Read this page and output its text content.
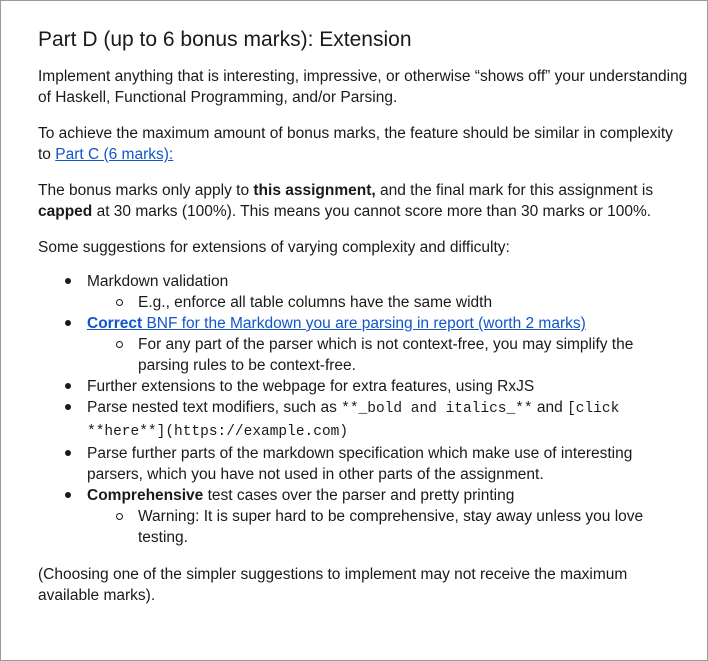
Part D (up to 6 bonus marks): Extension

Implement anything that is interesting, impressive, or otherwise “shows off” your understanding of Haskell, Functional Programming, and/or Parsing.

To achieve the maximum amount of bonus marks, the feature should be similar in complexity to Part C (6 marks):

The bonus marks only apply to this assignment, and the final mark for this assignment is capped at 30 marks (100%). This means you cannot score more than 30 marks or 100%.

Some suggestions for extensions of varying complexity and difficulty:

Markdown validation
E.g., enforce all table columns have the same width
Correct BNF for the Markdown you are parsing in report (worth 2 marks)
For any part of the parser which is not context-free, you may simplify the parsing rules to be context-free.
Further extensions to the webpage for extra features, using RxJS
Parse nested text modifiers, such as **_bold and italics_** and [click **here**](https://example.com)
Parse further parts of the markdown specification which make use of interesting parsers, which you have not used in other parts of the assignment.
Comprehensive test cases over the parser and pretty printing
Warning: It is super hard to be comprehensive, stay away unless you love testing.

(Choosing one of the simpler suggestions to implement may not receive the maximum available marks).
